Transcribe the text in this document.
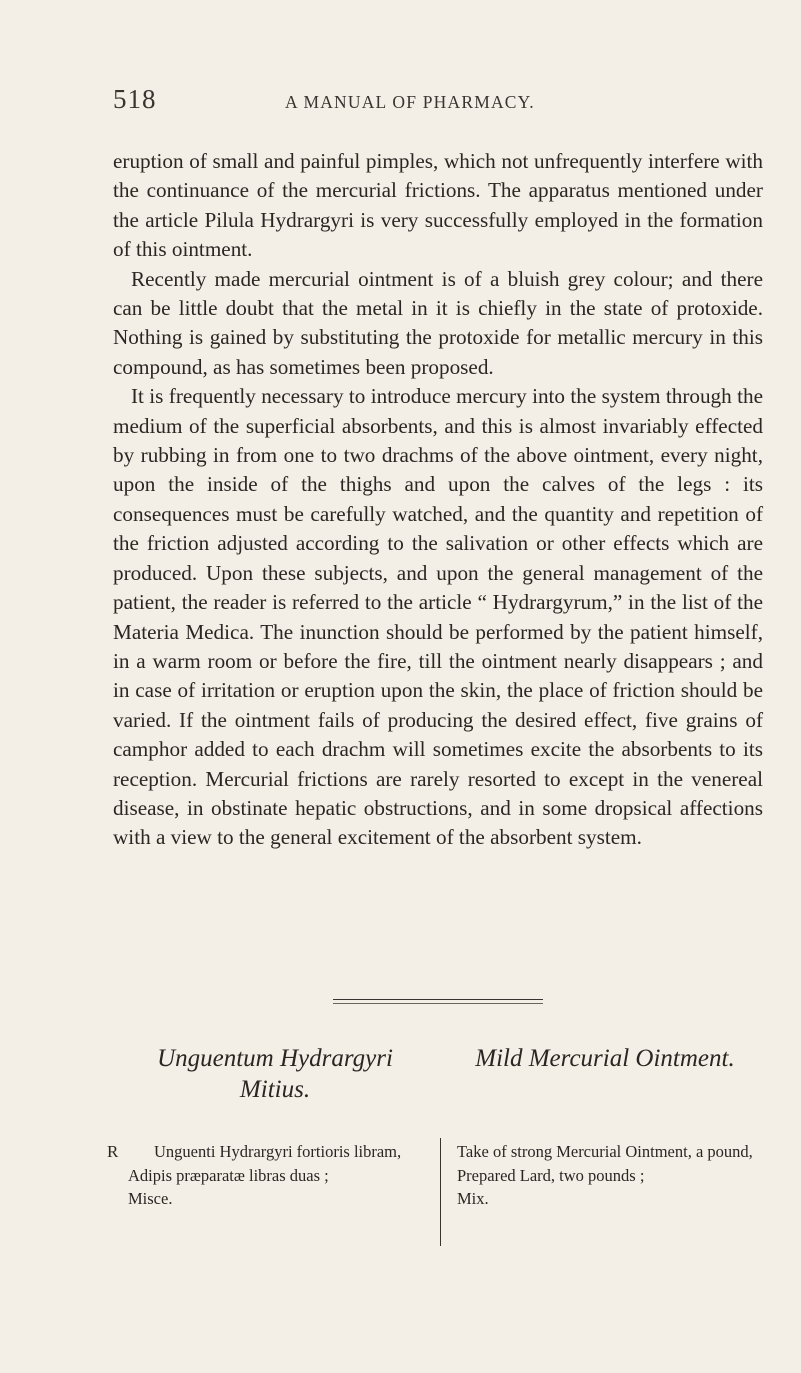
518	A MANUAL OF PHARMACY.

eruption of small and painful pimples, which not unfrequently interfere with the continuance of the mercurial frictions. The apparatus mentioned under the article Pilula Hydrargyri is very successfully employed in the formation of this ointment.

Recently made mercurial ointment is of a bluish grey colour; and there can be little doubt that the metal in it is chiefly in the state of protoxide. Nothing is gained by substituting the protoxide for metallic mercury in this compound, as has sometimes been proposed.

It is frequently necessary to introduce mercury into the system through the medium of the superficial absorbents, and this is almost invariably effected by rubbing in from one to two drachms of the above ointment, every night, upon the inside of the thighs and upon the calves of the legs : its consequences must be carefully watched, and the quantity and repetition of the friction adjusted according to the salivation or other effects which are produced. Upon these subjects, and upon the general management of the patient, the reader is referred to the article “ Hydrargyrum,” in the list of the Materia Medica. The inunction should be performed by the patient himself, in a warm room or before the fire, till the ointment nearly disappears ; and in case of irritation or eruption upon the skin, the place of friction should be varied. If the ointment fails of producing the desired effect, five grains of camphor added to each drachm will sometimes excite the absorbents to its reception. Mercurial frictions are rarely resorted to except in the venereal disease, in obstinate hepatic obstructions, and in some dropsical affections with a view to the general excitement of the absorbent system.

Unguentum Hydrargyri Mitius.
Mild Mercurial Ointment.
R Unguenti Hydrargyri fortioris libram,
Adipis præparatæ libras duas ;
Misce.
Take of strong Mercurial Ointment, a pound,
Prepared Lard, two pounds ;
Mix.
